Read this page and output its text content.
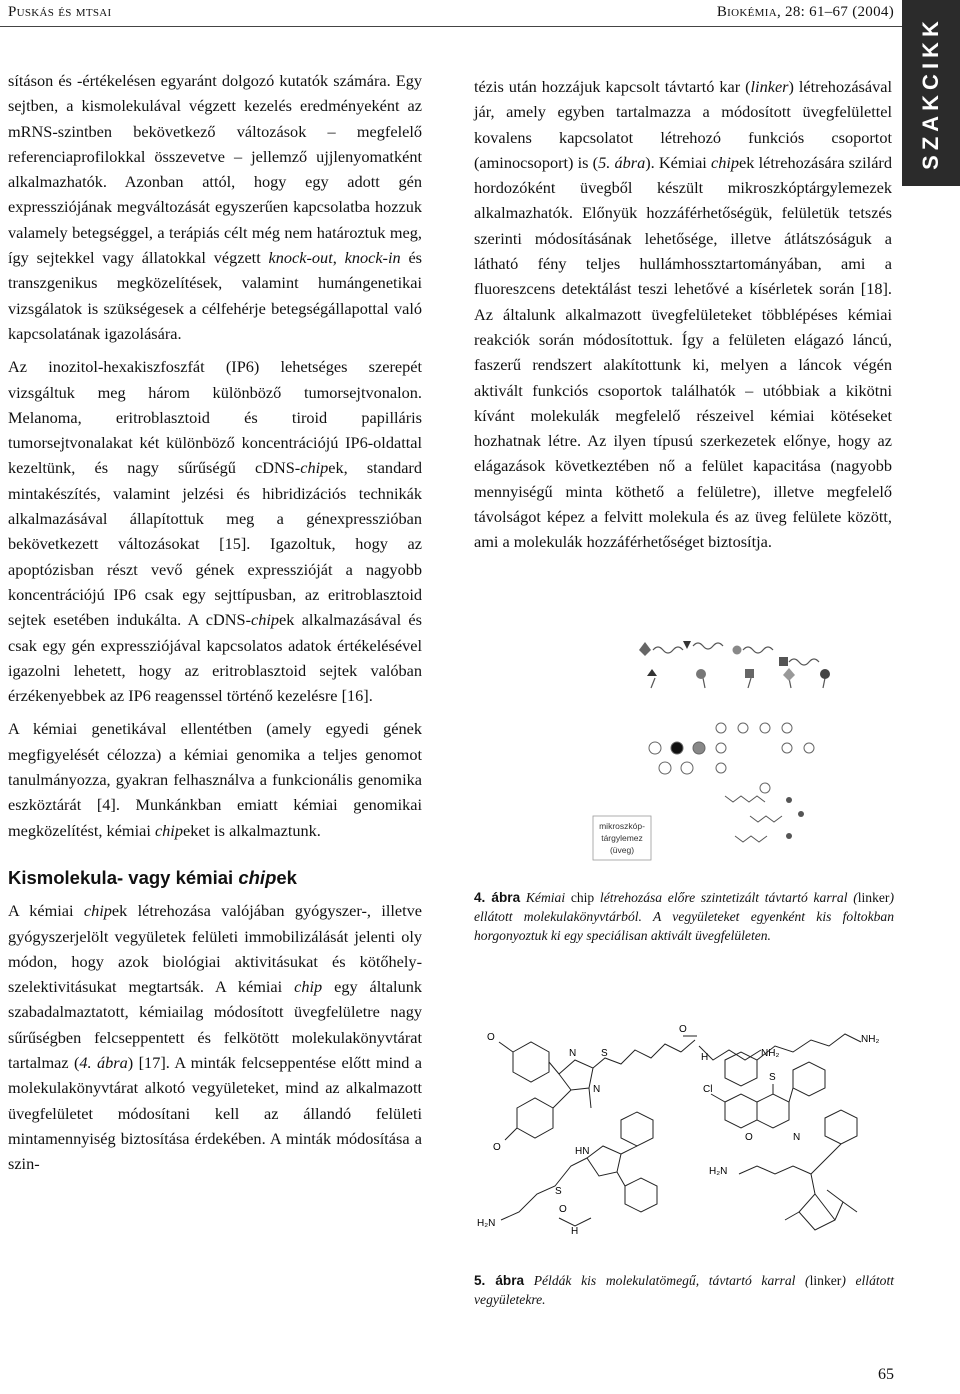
Puskás és mtsai	Biokémia, 28: 61–67 (2004)
SZAKCIKK

sításon és -értékelésen egyaránt dolgozó kutatók számára. Egy sejtben, a kismolekulával végzett kezelés eredményeként az mRNS-szintben bekövetkező változások – megfelelő referenciaprofilokkal összevetve – jellemző ujjlenyomatként alkalmazhatók. Azonban attól, hogy egy adott gén expressziójának megváltozását egyszerűen kapcsolatba hozzuk valamely betegséggel, a terápiás célt még nem határoztuk meg, így sejtekkel vagy állatokkal végzett knock-out, knock-in és transzgenikus megközelítések, valamint humángenetikai vizsgálatok is szükségesek a célfehérje betegségállapottal való kapcsolatának igazolására.

Az inozitol-hexakiszfoszfát (IP6) lehetséges szerepét vizsgáltuk meg három különböző tumorsejtvonalon. Melanoma, eritroblasztoid és tiroid papilláris tumorsejtvonalakat két különböző koncentrációjú IP6-oldattal kezeltünk, és nagy sűrűségű cDNS-chipek, standard mintakészítés, valamint jelzési és hibridizációs technikák alkalmazásával állapítottuk meg a génexpresszióban bekövetkezett változásokat [15]. Igazoltuk, hogy az apoptózisban részt vevő gének expresszióját a nagyobb koncentrációjú IP6 csak egy sejttípusban, az eritroblasztoid sejtek esetében indukálta. A cDNS-chipek alkalmazásával és csak egy gén expressziójával kapcsolatos adatok értékelésével igazolni lehetett, hogy az eritroblasztoid sejtek valóban érzékenyebbek az IP6 reagenssel történő kezelésre [16].

A kémiai genetikával ellentétben (amely egyedi gének megfigyelését célozza) a kémiai genomika a teljes genomot tanulmányozza, gyakran felhasználva a funkcionális genomika eszköztárát [4]. Munkánkban emiatt kémiai genomikai megközelítést, kémiai chipeket is alkalmaztunk.

Kismolekula- vagy kémiai chipek

A kémiai chipek létrehozása valójában gyógyszer-, illetve gyógyszerjelölt vegyületek felületi immobilizálását jelenti oly módon, hogy azok biológiai aktivitásukat és kötőhely-szelektivitásukat megtartsák. A kémiai chip egy általunk szabadalmaztatott, kémiailag módosított üvegfelületre nagy sűrűségben felcseppentett és felkötött molekulakönyvtárat tartalmaz (4. ábra) [17]. A minták felcseppentése előtt mind a molekulakönyvtárat alkotó vegyületeket, mind az alkalmazott üvegfelületet módosítani kell az állandó felületi mintamennyiség biztosítása érdekében. A minták módosítása a szin-

tézis után hozzájuk kapcsolt távtartó kar (linker) létrehozásával jár, amely egyben tartalmazza a módosított üvegfelülettel kovalens kapcsolatot létrehozó funkciós csoportot (aminocsoport) is (5. ábra). Kémiai chipek létrehozására szilárd hordozóként üvegből készült mikroszkóptárgylemezek alkalmazhatók. Előnyük hozzáférhetőségük, felületük tetszés szerinti módosításának lehetősége, illetve átlátszóságuk a látható fény teljes hullámhossztartományában, ami a fluoreszcens detektálást teszi lehetővé a kísérletek során [18]. Az általunk alkalmazott üvegfelületeket többlépéses kémiai reakciók során módosítottuk. Így a felületen elágazó láncú, faszerű rendszert alakítottunk ki, melyen a láncok végén aktivált funkciós csoportok találhatók – utóbbiak a kikötni kívánt molekulák megfelelő részeivel kémiai kötéseket hozhatnak létre. Az ilyen típusú szerkezetek előnye, hogy az elágazások következtében nő a felület kapacitása (nagyobb mennyiségű minta köthető a felületre), illetve megfelelő távolságot képez a felvitt molekula és az üveg felülete között, ami a molekulák hozzáférhetőséget biztosítja.

mikroszkóp-
tárgylemez
(üveg)
4. ábra Kémiai chip létrehozása előre szintetizált távtartó karral (linker) ellátott molekulakönyvtárból. A vegyületeket egyenként kis foltokban horgonyoztuk ki egy speciálisan aktivált üvegfelületen.
O
O
N
N
S
O
H	NH₂
Cl
S
O	N
NH₂
HN
S
O
H
H₂N
H₂N
5. ábra Példák kis molekulatömegű, távtartó karral (linker) ellátott vegyületekre.
65
